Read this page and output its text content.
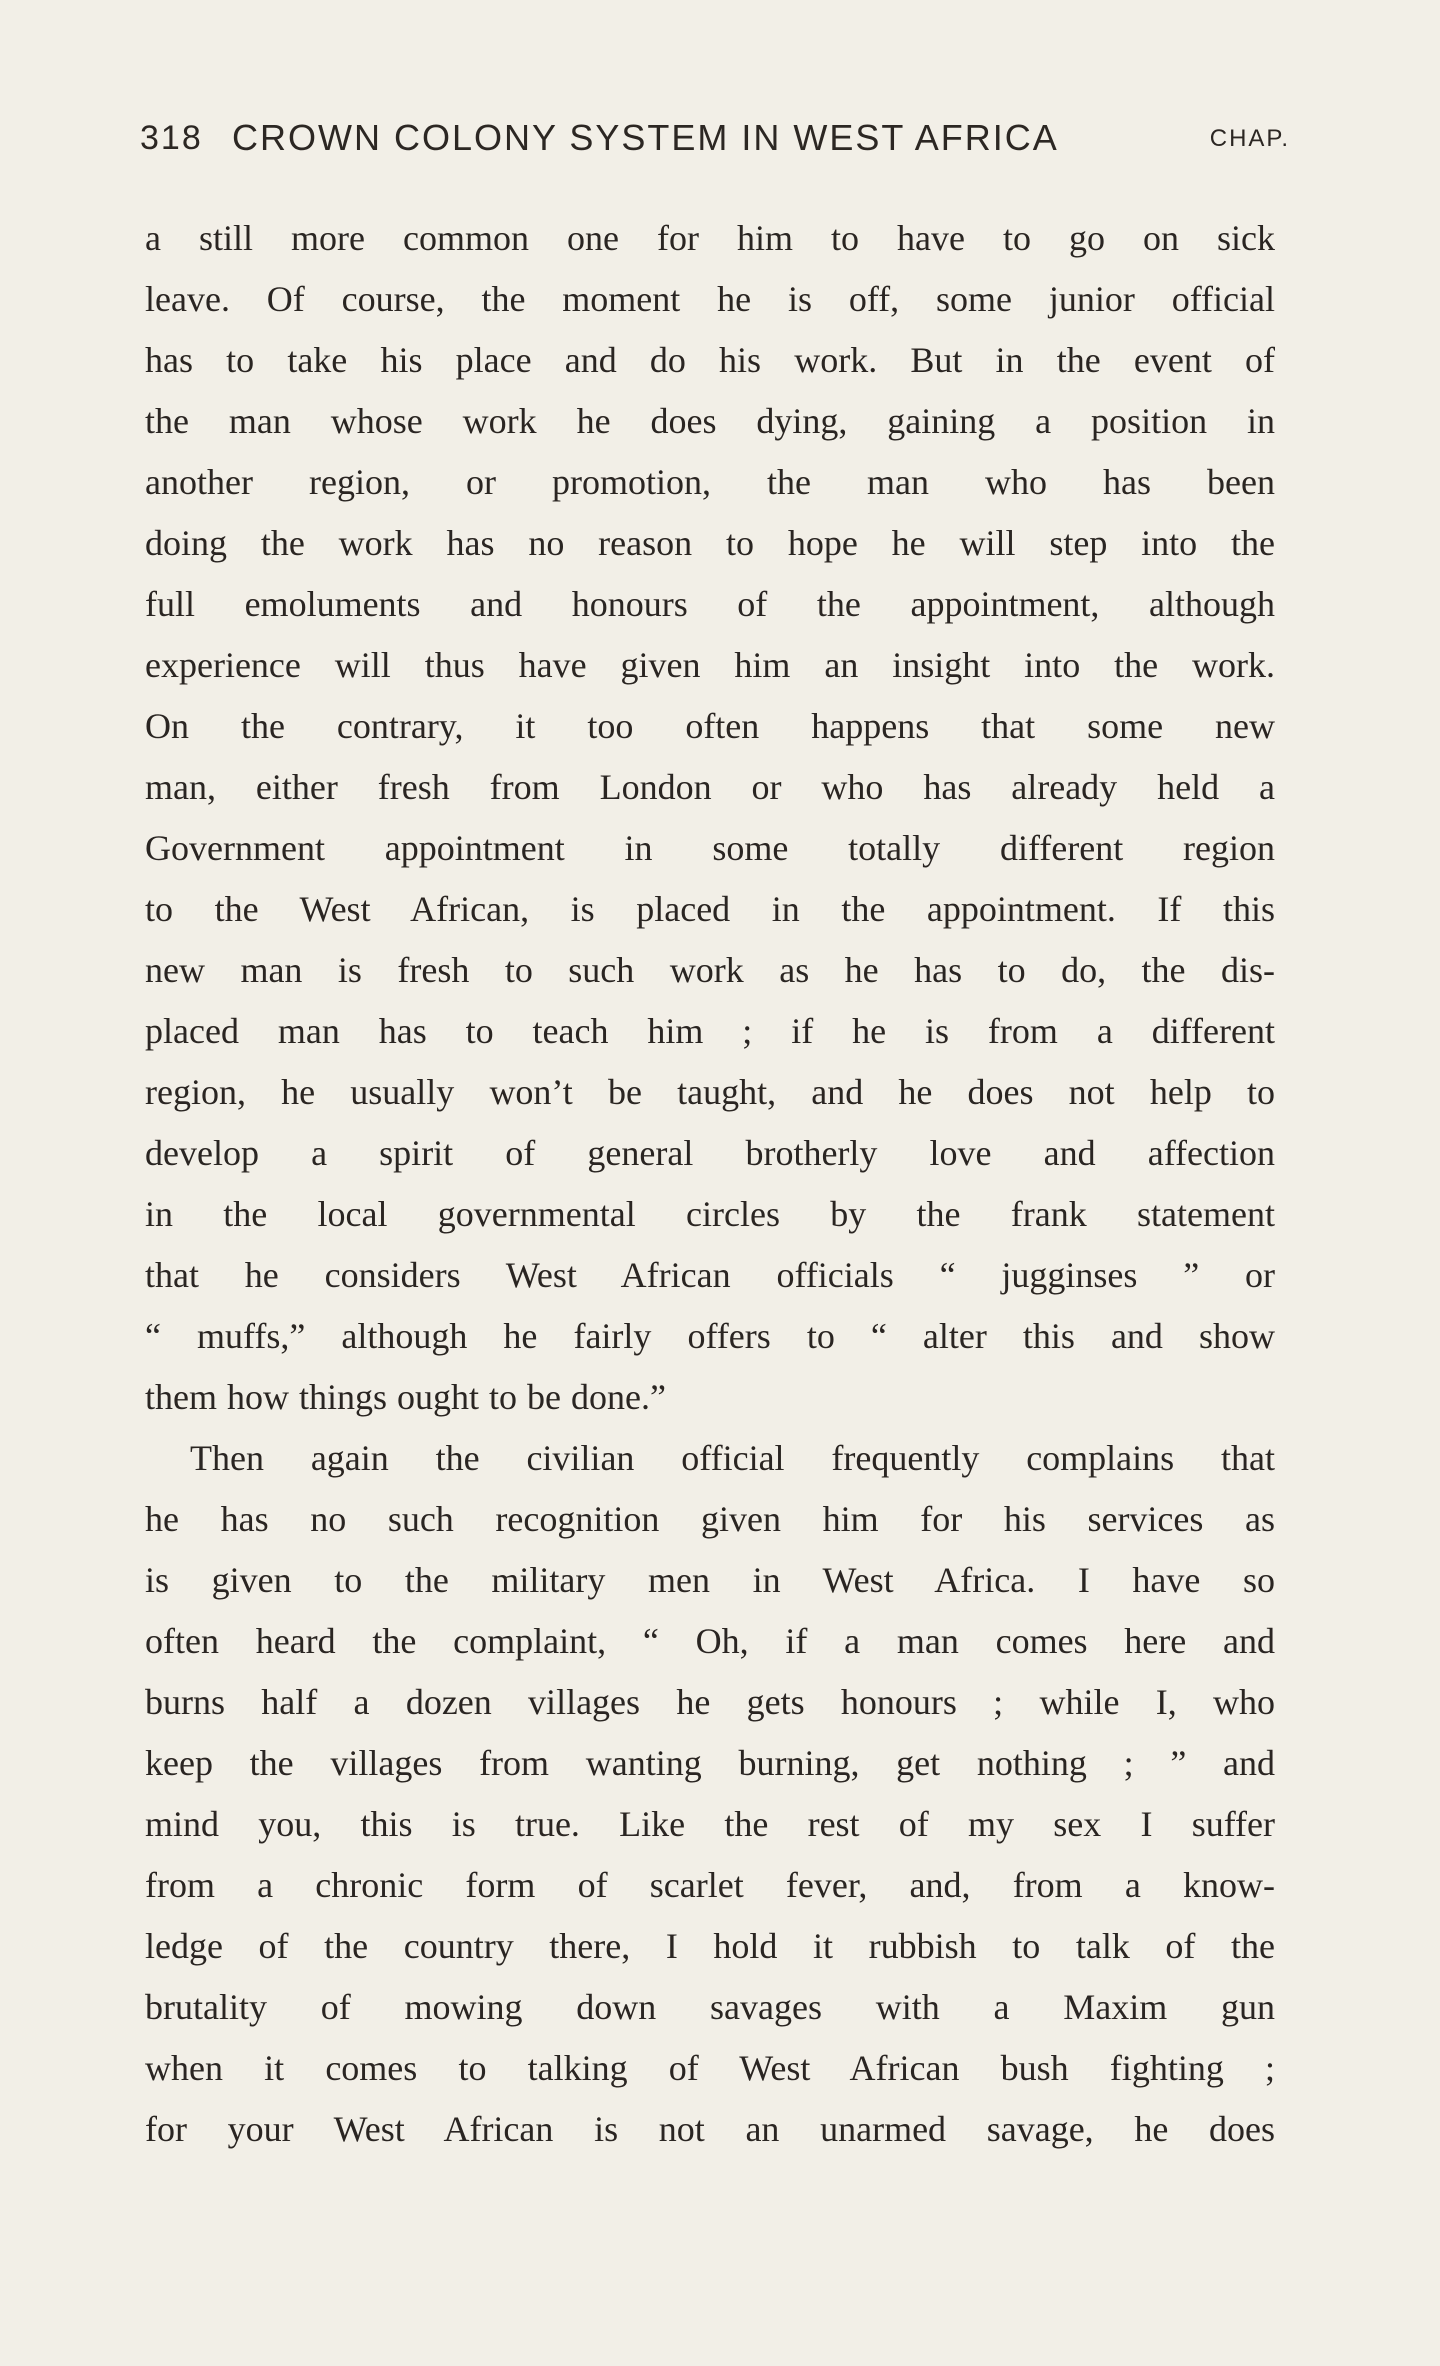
318 CROWN COLONY SYSTEM IN WEST AFRICA	CHAP.
a still more common one for him to have to go on sick
leave. Of course, the moment he is off, some junior official
has to take his place and do his work. But in the event of
the man whose work he does dying, gaining a position in
another region, or promotion, the man who has been
doing the work has no reason to hope he will step into the
full emoluments and honours of the appointment, although
experience will thus have given him an insight into the work.
On the contrary, it too often happens that some new
man, either fresh from London or who has already held a
Government appointment in some totally different region
to the West African, is placed in the appointment. If this
new man is fresh to such work as he has to do, the dis-
placed man has to teach him ; if he is from a different
region, he usually won’t be taught, and he does not help to
develop a spirit of general brotherly love and affection
in the local governmental circles by the frank statement
that he considers West African officials “ jugginses ” or
“ muffs,” although he fairly offers to “ alter this and show
them how things ought to be done.”
Then again the civilian official frequently complains that
he has no such recognition given him for his services as
is given to the military men in West Africa. I have so
often heard the complaint, “ Oh, if a man comes here and
burns half a dozen villages he gets honours ; while I, who
keep the villages from wanting burning, get nothing ; ” and
mind you, this is true. Like the rest of my sex I suffer
from a chronic form of scarlet fever, and, from a know-
ledge of the country there, I hold it rubbish to talk of the
brutality of mowing down savages with a Maxim gun
when it comes to talking of West African bush fighting ;
for your West African is not an unarmed savage, he does
